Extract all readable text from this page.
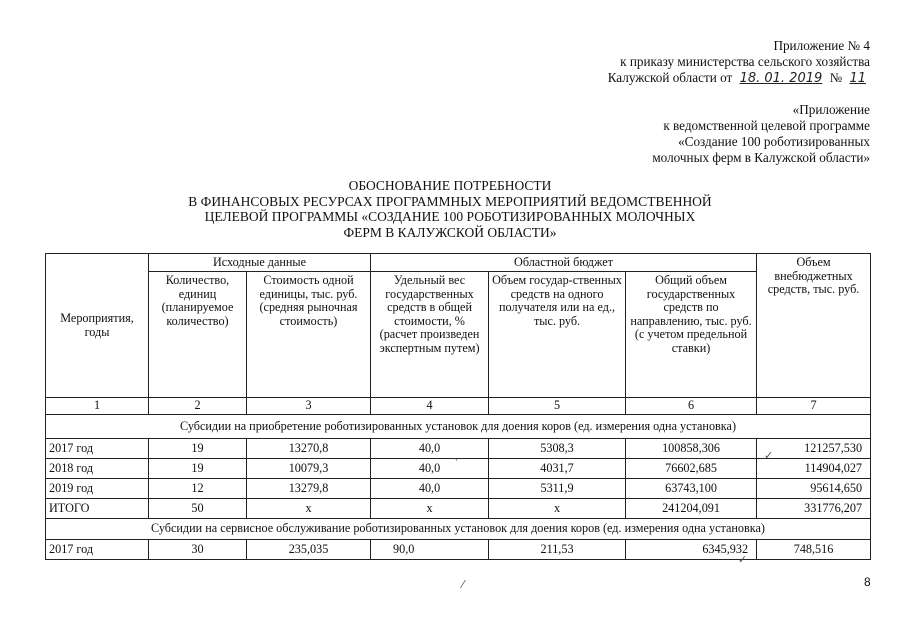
Приложение № 4
к приказу министерства сельского хозяйства
Калужской области от 18. 01. 2019 № 11
«Приложение
к ведомственной целевой программе
«Создание 100 роботизированных
молочных ферм в Калужской области»
ОБОСНОВАНИЕ ПОТРЕБНОСТИ
В ФИНАНСОВЫХ РЕСУРСАХ ПРОГРАММНЫХ МЕРОПРИЯТИЙ ВЕДОМСТВЕННОЙ
ЦЕЛЕВОЙ ПРОГРАММЫ «СОЗДАНИЕ 100 РОБОТИЗИРОВАННЫХ МОЛОЧНЫХ
ФЕРМ В КАЛУЖСКОЙ ОБЛАСТИ»
Мероприятия, годы	Исходные данные		Областной бюджет			Объем внебюджетных средств, тыс. руб.
	Количество, единиц (планируемое количество)	Стоимость одной единицы, тыс. руб. (средняя рыночная стоимость)	Удельный вес государственных средств в общей стоимости, % (расчет произведен экспертным путем)	Объем государ-ственных средств на одного получателя или на ед., тыс. руб.	Общий объем государственных средств по направлению, тыс. руб. (с учетом предельной ставки)	
1	2	3	4	5	6	7
Субсидии на приобретение роботизированных установок для доения коров (ед. измерения одна установка)						
2017 год	19	13270,8	40,0	5308,3	100858,306	121257,530
2018 год	19	10079,3	40,0	4031,7	76602,685	114904,027
2019 год	12	13279,8	40,0	5311,9	63743,100	95614,650
ИТОГО	50	х	х	х	241204,091	331776,207
Субсидии на сервисное обслуживание роботизированных установок для доения коров (ед. измерения одна установка)						
2017 год	30	235,035	90,0	211,53	6345,932	748,516
8
✓
✓
ˎ
⁄
